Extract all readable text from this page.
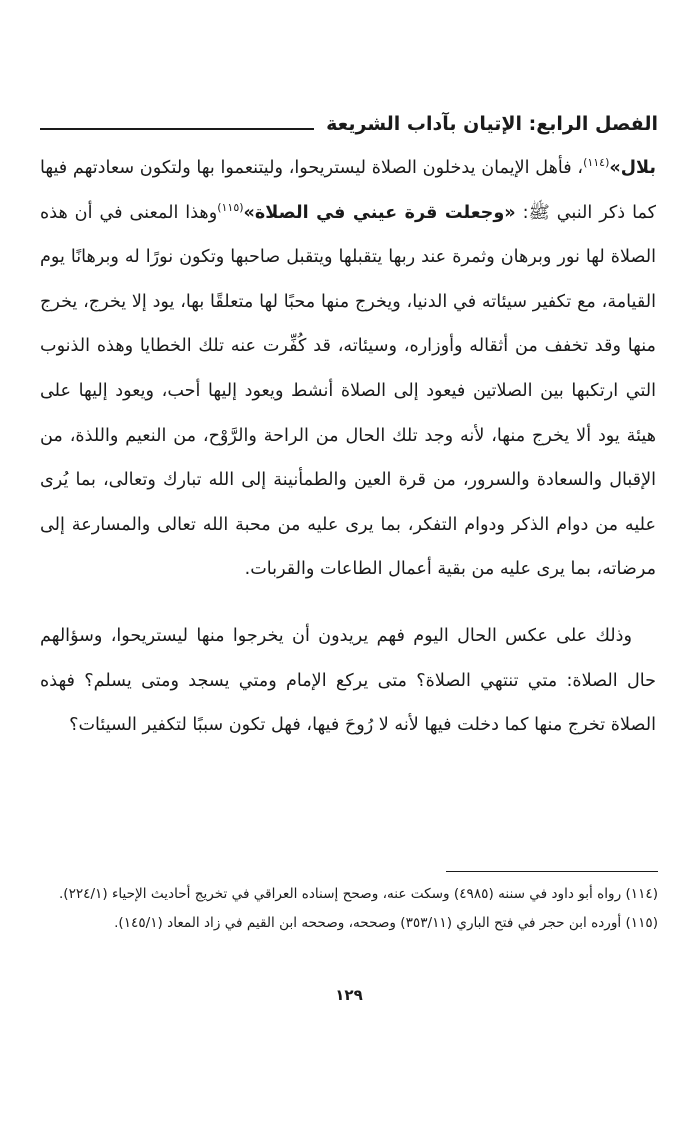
الفصل الرابع: الإتيان بآداب الشريعة

بلال»$^{(١١٤)}$، فأهل الإيمان يدخلون الصلاة ليستريحوا، وليتنعموا بها ولتكون سعادتهم فيها كما ذكر النبي ﷺ: «وجعلت قرة عيني في الصلاة»$^{(١١٥)}$وهذا المعنى في أن هذه الصلاة لها نور وبرهان وثمرة عند ربها يتقبلها ويتقبل صاحبها وتكون نورًا له وبرهانًا يوم القيامة، مع تكفير سيئاته في الدنيا، ويخرج منها محبًا لها متعلقًا بها، يود إلا يخرج، يخرج منها وقد تخفف من أثقاله وأوزاره، وسيئاته، قد كُفِّرت عنه تلك الخطايا وهذه الذنوب التي ارتكبها بين الصلاتين فيعود إلى الصلاة أنشط ويعود إليها أحب، ويعود إليها على هيئة يود ألا يخرج منها، لأنه وجد تلك الحال من الراحة والرَّوْح، من النعيم واللذة، من الإقبال والسعادة والسرور، من قرة العين والطمأنينة إلى الله تبارك وتعالى، بما يُرى عليه من دوام الذكر ودوام التفكر، بما يرى عليه من محبة الله تعالى والمسارعة إلى مرضاته، بما يرى عليه من بقية أعمال الطاعات والقربات.

وذلك على عكس الحال اليوم فهم يريدون أن يخرجوا منها ليستريحوا، وسؤالهم حال الصلاة: متي تنتهي الصلاة؟ متى يركع الإمام ومتي يسجد ومتى يسلم؟ فهذه الصلاة تخرج منها كما دخلت فيها لأنه لا رُوحَ فيها، فهل تكون سببًا لتكفير السيئات؟

(١١٤) رواه أبو داود في سننه (٤٩٨٥) وسكت عنه، وصحح إسناده العراقي في تخريج أحاديث الإحياء (٢٢٤/١).

(١١٥) أورده ابن حجر في فتح الباري (٣٥٣/١١) وصححه، وصححه ابن القيم في زاد المعاد (١٤٥/١).

١٢٩
